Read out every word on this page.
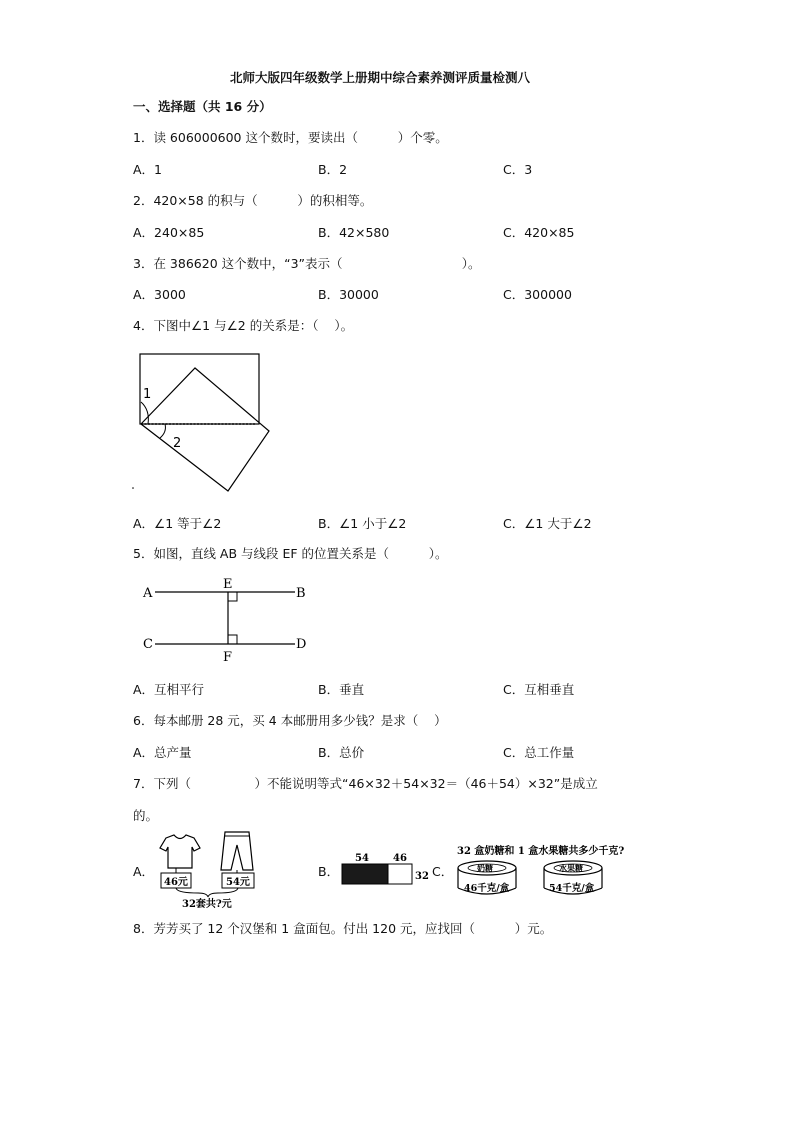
北师大版四年级数学上册期中综合素养测评质量检测八
一、选择题（共 16 分）
1．读 606000600 这个数时，要读出（          ）个零。
A．1	B．2	C．3
2．420×58 的积与（          ）的积相等。
A．240×85	B．42×580	C．420×85
3．在 386620 这个数中，“3”表示（                              ）。
A．3000	B．30000	C．300000
4．下图中∠1 与∠2 的关系是：（    ）。
1
2
A．∠1 等于∠2	B．∠1 小于∠2	C．∠1 大于∠2
5．如图，直线 AB 与线段 EF 的位置关系是（          ）。
A	B
C	D
E
F
A．互相平行	B．垂直	C．互相垂直
6．每本邮册 28 元，买 4 本邮册用多少钱？是求（    ）
A．总产量	B．总价	C．总工作量
7．下列（                ）不能说明等式“46×32＋54×32＝（46＋54）×32”是成立
的。
A．
46元	54元
32套共?元
B．
54 46
32 C．
32 盒奶糖和 1 盒水果糖共多少千克?
奶糖
46千克/盒
水果糖
54千克/盒
8．芳芳买了 12 个汉堡和 1 盒面包。付出 120 元，应找回（          ）元。
